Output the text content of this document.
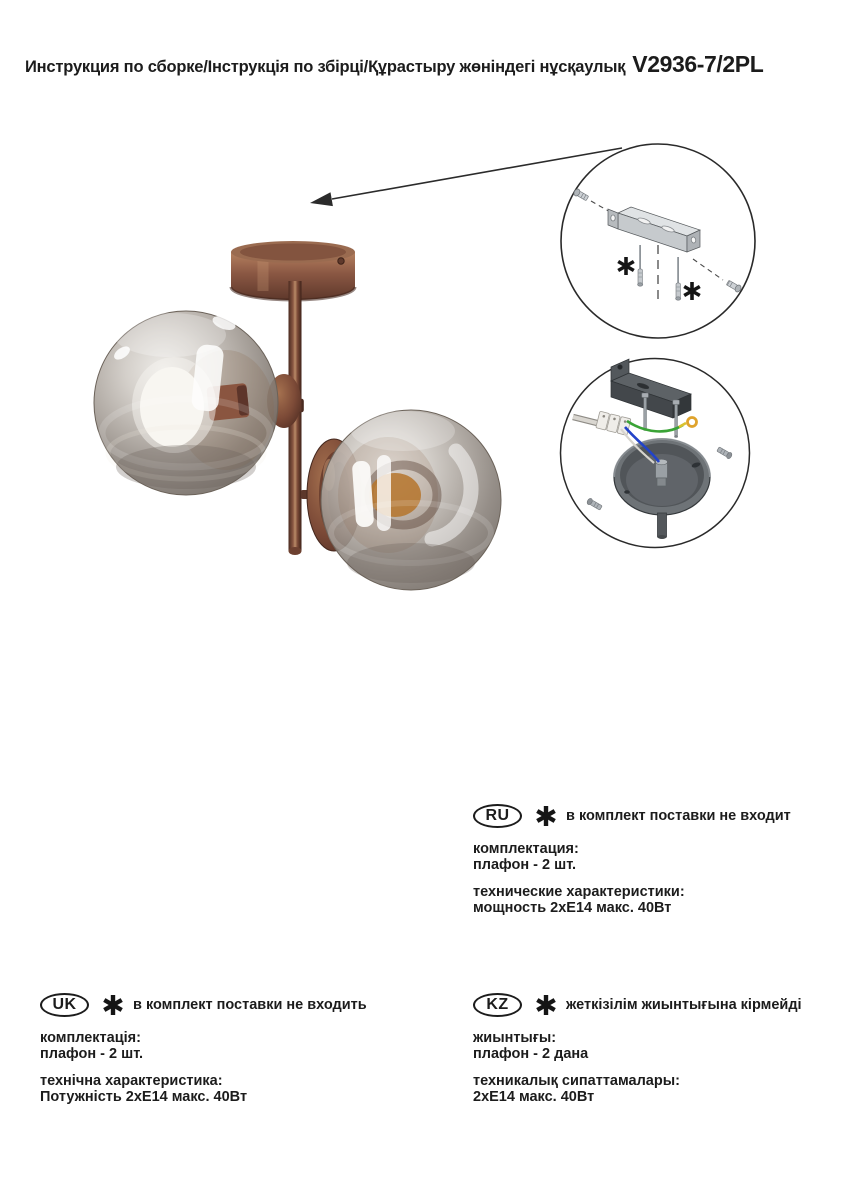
Инструкция по сборке/Інструкція по збірці/Құрастыру жөніндегі нұсқаулық V2936-7/2PL
RU	в комплект поставки не входит

комплектация:

плафон - 2 шт.

технические характеристики:

мощность 2хЕ14 макс. 40Вт

UK	в комплект поставки не входить

комплектація:

плафон - 2 шт.

технічна характеристика:

Потужність 2хЕ14 макс. 40Вт

KZ	жеткізілім жиынтығына кірмейді

жиынтығы:

плафон - 2 дана

техникалық сипаттамалары:

2хЕ14 макс. 40Вт
